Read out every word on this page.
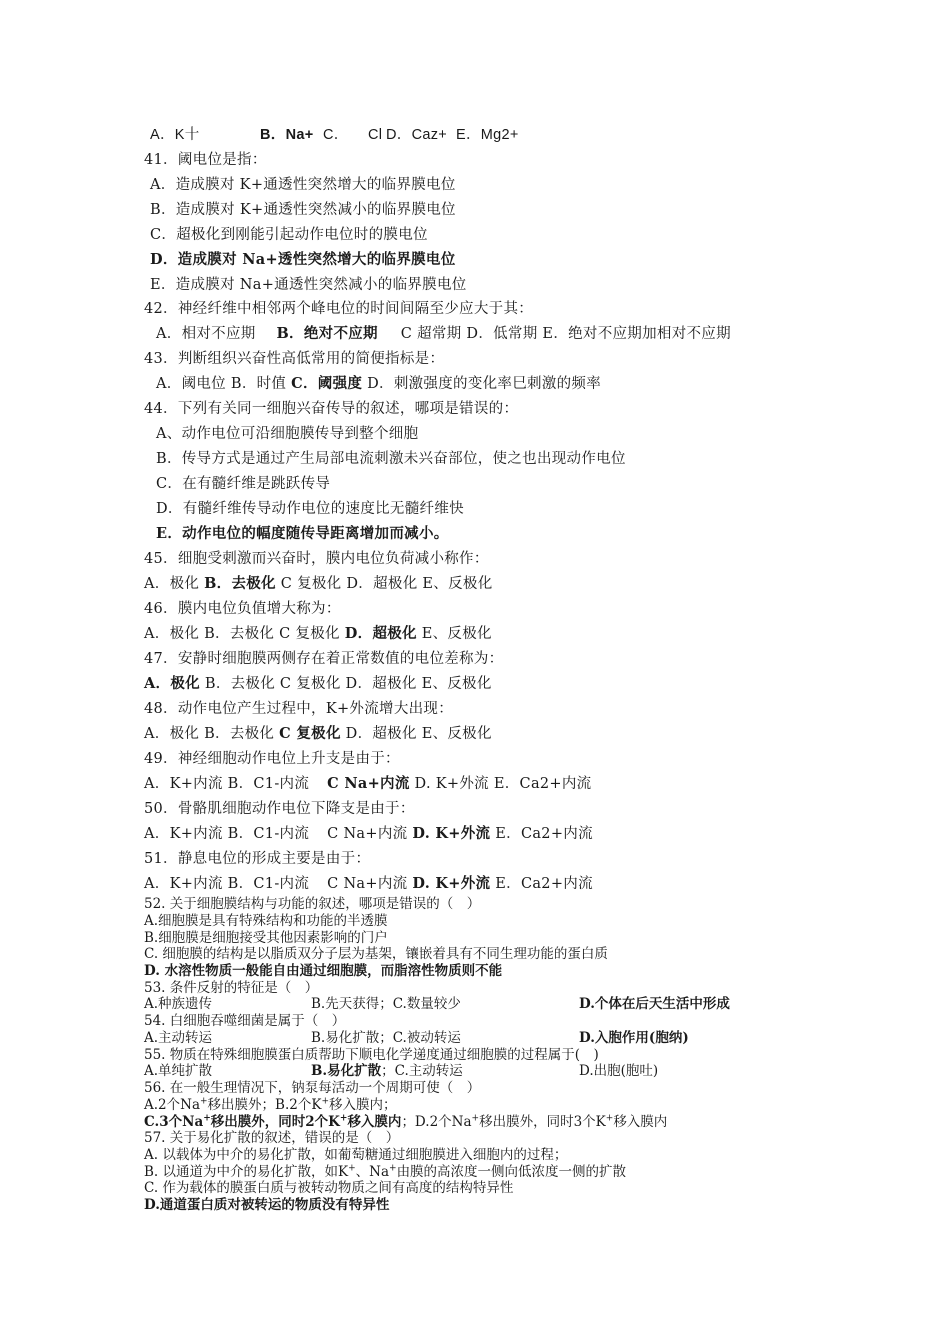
A．K十	B．Na+ C． Cl D．Caz+ E．Mg2+

41．阈电位是指：

A．造成膜对 K+通透性突然增大的临界膜电位

B．造成膜对 K+通透性突然减小的临界膜电位

C．超极化到刚能引起动作电位时的膜电位

D．造成膜对 Na+透性突然增大的临界膜电位

E．造成膜对 Na+通透性突然减小的临界膜电位

42．神经纤维中相邻两个峰电位的时间间隔至少应大于其：

A．相对不应期 B．绝对不应期 C 超常期 D．低常期 E．绝对不应期加相对不应期

43．判断组织兴奋性高低常用的简便指标是：

A．阈电位 B．时值 C．阈强度 D．刺激强度的变化率巳刺激的频率

44．下列有关同一细胞兴奋传导的叙述，哪项是错误的：

A、动作电位可沿细胞膜传导到整个细胞

B．传导方式是通过产生局部电流刺激未兴奋部位，使之也出现动作电位

C．在有髓纤维是跳跃传导

D．有髓纤维传导动作电位的速度比无髓纤维快

E．动作电位的幅度随传导距离增加而减小。

45．细胞受刺激而兴奋时，膜内电位负荷减小称作：

A．极化 B．去极化 C 复极化 D．超极化 E、反极化

46．膜内电位负值增大称为：

A．极化 B．去极化 C 复极化 D．超极化 E、反极化

47．安静时细胞膜两侧存在着正常数值的电位差称为：

A．极化 B．去极化 C 复极化 D．超极化 E、反极化

48．动作电位产生过程中，K+外流增大出现：

A．极化 B．去极化 C 复极化 D．超极化 E、反极化

49．神经细胞动作电位上升支是由于：

A．K+内流 B．C1-内流 C Na+内流 D. K+外流 E．Ca2+内流

50．骨骼肌细胞动作电位下降支是由于：

A．K+内流 B．C1-内流 C Na+内流 D. K+外流 E．Ca2+内流

51．静息电位的形成主要是由于：

A．K+内流 B．C1-内流 C Na+内流 D. K+外流 E．Ca2+内流

52. 关于细胞膜结构与功能的叙述，哪项是错误的（　）

A.细胞膜是具有特殊结构和功能的半透膜

B.细胞膜是细胞接受其他因素影响的门户

C. 细胞膜的结构是以脂质双分子层为基架，镶嵌着具有不同生理功能的蛋白质

D. 水溶性物质一般能自由通过细胞膜，而脂溶性物质则不能

53. 条件反射的特征是（　）

A.种族遗传	B.先天获得；C.数量较少	D.个体在后天生活中形成

54. 白细胞吞噬细菌是属于（　）

A.主动转运	B.易化扩散；C.被动转运	D.入胞作用(胞纳)

55. 物质在特殊细胞膜蛋白质帮助下顺电化学递度通过细胞膜的过程属于(　)

A.单纯扩散	B.易化扩散；C.主动转运	D.出胞(胞吐)

56. 在一般生理情况下，钠泵每活动一个周期可使（　）

A.2个Na+移出膜外；B.2个K+移入膜内；
C.3个Na+移出膜外，同时2个K+移入膜内；D.2个Na+移出膜外，同时3个K+移入膜内

57. 关于易化扩散的叙述，错误的是（　）

A. 以载体为中介的易化扩散，如葡萄糖通过细胞膜进入细胞内的过程；

B. 以通道为中介的易化扩散，如K+、Na+由膜的高浓度一侧向低浓度一侧的扩散

C. 作为载体的膜蛋白质与被转动物质之间有高度的结构特异性

D.通道蛋白质对被转运的物质没有特异性
